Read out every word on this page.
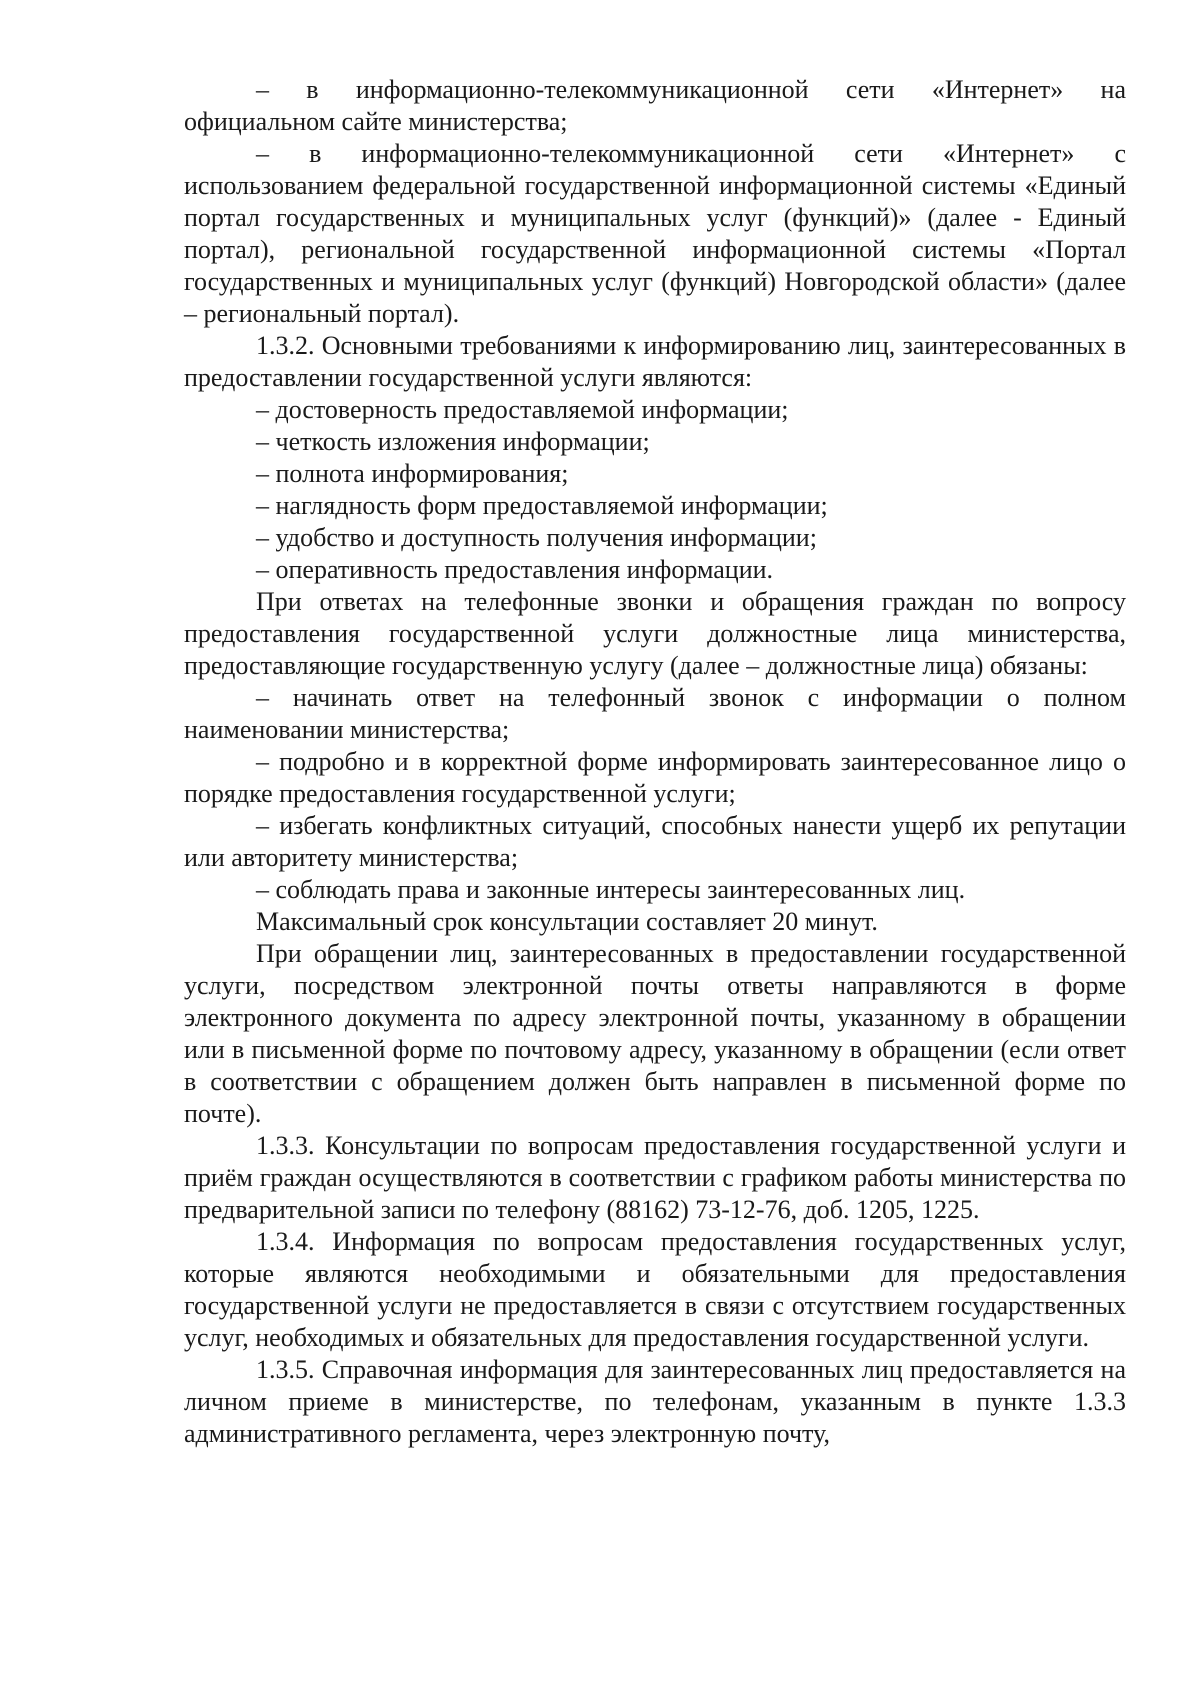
– в информационно-телекоммуникационной сети «Интернет» на официальном сайте министерства;

– в информационно-телекоммуникационной сети «Интернет» с использованием федеральной государственной информационной системы «Единый портал государственных и муниципальных услуг (функций)» (далее - Единый портал), региональной государственной информационной системы «Портал государственных и муниципальных услуг (функций) Новгородской области» (далее – региональный портал).

1.3.2. Основными требованиями к информированию лиц, заинтересованных в предоставлении государственной услуги являются:

– достоверность предоставляемой информации;

– четкость изложения информации;

– полнота информирования;

– наглядность форм предоставляемой информации;

– удобство и доступность получения информации;

– оперативность предоставления информации.

При ответах на телефонные звонки и обращения граждан по вопросу предоставления государственной услуги должностные лица министерства, предоставляющие государственную услугу (далее – должностные лица) обязаны:

– начинать ответ на телефонный звонок с информации о полном наименовании министерства;

– подробно и в корректной форме информировать заинтересованное лицо о порядке предоставления государственной услуги;

– избегать конфликтных ситуаций, способных нанести ущерб их репутации или авторитету министерства;

– соблюдать права и законные интересы заинтересованных лиц.

Максимальный срок консультации составляет 20 минут.

При обращении лиц, заинтересованных в предоставлении государственной услуги, посредством электронной почты ответы направляются в форме электронного документа по адресу электронной почты, указанному в обращении или в письменной форме по почтовому адресу, указанному в обращении (если ответ в соответствии с обращением должен быть направлен в письменной форме по почте).

1.3.3. Консультации по вопросам предоставления государственной услуги и приём граждан осуществляются в соответствии с графиком работы министерства по предварительной записи по телефону (88162) 73-12-76, доб. 1205, 1225.

1.3.4. Информация по вопросам предоставления государственных услуг, которые являются необходимыми и обязательными для предоставления государственной услуги не предоставляется в связи с отсутствием государственных услуг, необходимых и обязательных для предоставления государственной услуги.

1.3.5. Справочная информация для заинтересованных лиц предоставляется на личном приеме в министерстве, по телефонам, указанным в пункте 1.3.3 административного регламента, через электронную почту,
